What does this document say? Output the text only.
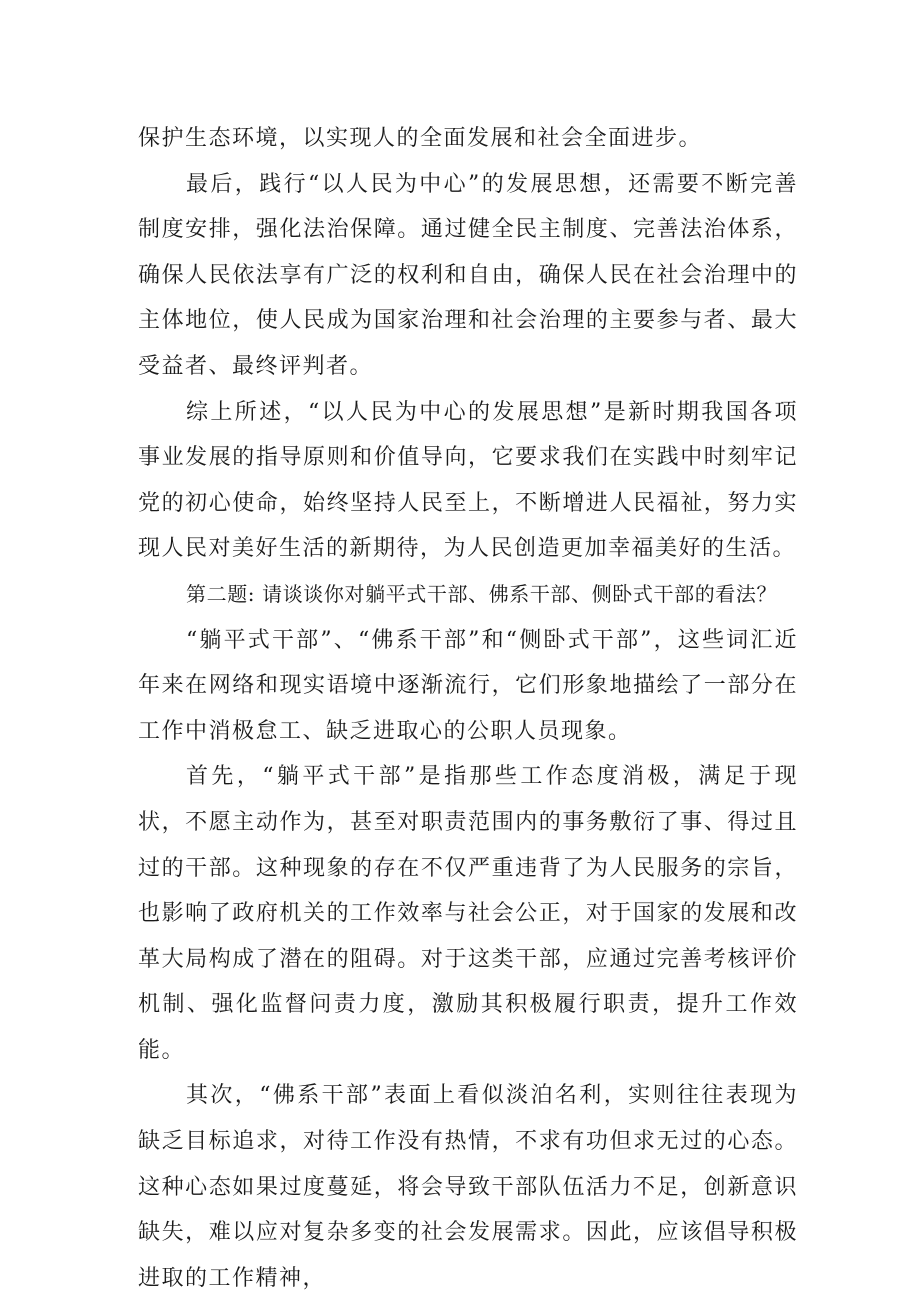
保护生态环境，以实现人的全面发展和社会全面进步。

最后，践行“以人民为中心”的发展思想，还需要不断完善制度安排，强化法治保障。通过健全民主制度、完善法治体系，确保人民依法享有广泛的权利和自由，确保人民在社会治理中的主体地位，使人民成为国家治理和社会治理的主要参与者、最大受益者、最终评判者。

综上所述，“以人民为中心的发展思想”是新时期我国各项事业发展的指导原则和价值导向，它要求我们在实践中时刻牢记党的初心使命，始终坚持人民至上，不断增进人民福祉，努力实现人民对美好生活的新期待，为人民创造更加幸福美好的生活。

第二题: 请谈谈你对躺平式干部、佛系干部、侧卧式干部的看法？

“躺平式干部”、“佛系干部”和“侧卧式干部”，这些词汇近年来在网络和现实语境中逐渐流行，它们形象地描绘了一部分在工作中消极怠工、缺乏进取心的公职人员现象。

首先，“躺平式干部”是指那些工作态度消极，满足于现状，不愿主动作为，甚至对职责范围内的事务敷衍了事、得过且过的干部。这种现象的存在不仅严重违背了为人民服务的宗旨，也影响了政府机关的工作效率与社会公正，对于国家的发展和改革大局构成了潜在的阻碍。对于这类干部，应通过完善考核评价机制、强化监督问责力度，激励其积极履行职责，提升工作效能。

其次，“佛系干部”表面上看似淡泊名利，实则往往表现为缺乏目标追求，对待工作没有热情，不求有功但求无过的心态。这种心态如果过度蔓延，将会导致干部队伍活力不足，创新意识缺失，难以应对复杂多变的社会发展需求。因此，应该倡导积极进取的工作精神，
